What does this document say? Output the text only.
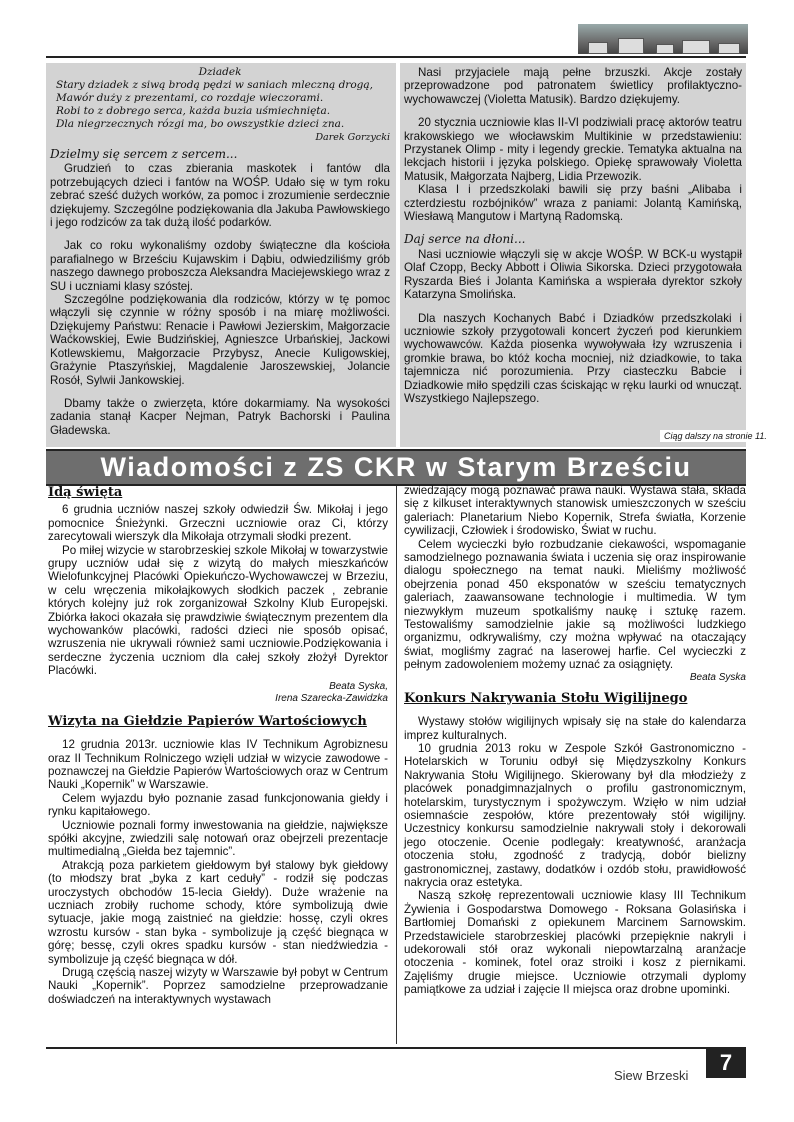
Dziadek
Stary dziadek z siwą brodą pędzi w saniach mleczną drogą,
Mawór duży z prezentami, co rozdaje wieczorami.
Robi to z dobrego serca, każda buzia uśmiechnięta.
Dla niegrzecznych rózgi ma, bo owszystkie dzieci zna.
Darek Gorzycki
Dzielmy się sercem z sercem...

Grudzień to czas zbierania maskotek i fantów dla potrzebujących dzieci i fantów na WOŚP. Udało się w tym roku zebrać sześć dużych worków, za pomoc i zrozumienie serdecznie dziękujemy. Szczególne podziękowania dla Jakuba Pawłowskiego i jego rodziców za tak dużą ilość podarków.

Jak co roku wykonaliśmy ozdoby świąteczne dla kościoła parafialnego w Brześciu Kujawskim i Dąbiu, odwiedziliśmy grób naszego dawnego proboszcza Aleksandra Maciejewskiego wraz z SU i uczniami klasy szóstej.

Szczególne podziękowania dla rodziców, którzy w tę pomoc włączyli się czynnie w różny sposób i na miarę możliwości. Dziękujemy Państwu: Renacie i Pawłowi Jezierskim, Małgorzacie Waćkowskiej, Ewie Budzińskiej, Agnieszce Urbańskiej, Jackowi Kotlewskiemu, Małgorzacie Przybysz, Anecie Kuligowskiej, Grażynie Ptaszyńskiej, Magdalenie Jaroszewskiej, Jolancie Rosół, Sylwii Jankowskiej.

Dbamy także o zwierzęta, które dokarmiamy. Na wysokości zadania stanął Kacper Nejman, Patryk Bachorski i Paulina Gładewska.

Nasi przyjaciele mają pełne brzuszki. Akcje zostały przeprowadzone pod patronatem świetlicy profilaktyczno-wychowawczej (Violetta Matusik). Bardzo dziękujemy.

20 stycznia uczniowie klas II-VI podziwiali pracę aktorów teatru krakowskiego we włocławskim Multikinie w przedstawieniu: Przystanek Olimp - mity i legendy greckie. Tematyka aktualna na lekcjach historii i języka polskiego. Opiekę sprawowały Violetta Matusik, Małgorzata Najberg, Lidia Przewozik.

Klasa I i przedszkolaki bawili się przy baśni „Alibaba i czterdziestu rozbójników” wraza z paniami: Jolantą Kamińską, Wiesławą Mangutow i Martyną Radomską.

Daj serce na dłoni...

Nasi uczniowie włączyli się w akcje WOŚP. W BCK-u wystąpił Olaf Czopp, Becky Abbott i Oliwia Sikorska. Dzieci przygotowała Ryszarda Bieś i Jolanta Kamińska a wspierała dyrektor szkoły Katarzyna Smolińska.

Dla naszych Kochanych Babć i Dziadków przedszkolaki i uczniowie szkoły przygotowali koncert życzeń pod kierunkiem wychowawców. Każda piosenka wywoływała łzy wzruszenia i gromkie brawa, bo któż kocha mocniej, niż dziadkowie, to taka tajemnicza nić porozumienia. Przy ciasteczku Babcie i Dziadkowie miło spędzili czas ściskając w ręku laurki od wnucząt. Wszystkiego Najlepszego.

Ciąg dalszy na stronie 11.
Wiadomości z ZS CKR w Starym Brześciu
Idą święta

6 grudnia uczniów naszej szkoły odwiedził Św. Mikołaj i jego pomocnice Śnieżynki. Grzeczni uczniowie oraz Ci, którzy zarecytowali wierszyk dla Mikołaja otrzymali słodki prezent.

Po miłej wizycie w starobrzeskiej szkole Mikołaj w towarzystwie grupy uczniów udał się z wizytą do małych mieszkańców Wielofunkcyjnej Placówki Opiekuńczo-Wychowawczej w Brzeziu, w celu wręczenia mikołajkowych słodkich paczek , zebranie których kolejny już rok zorganizował Szkolny Klub Europejski. Zbiórka łakoci okazała się prawdziwie świątecznym prezentem dla wychowanków placówki, radości dzieci nie sposób opisać, wzruszenia nie ukrywali również sami uczniowie.Podziękowania i serdeczne życzenia uczniom dla całej szkoły złożył Dyrektor Placówki.

Beata Syska,
Irena Szarecka-Zawidzka
Wizyta na Giełdzie Papierów Wartościowych

12 grudnia 2013r. uczniowie klas IV Technikum Agrobiznesu oraz II Technikum Rolniczego wzięli udział w wizycie zawodowe - poznawczej na Giełdzie Papierów Wartościowych oraz w Centrum Nauki „Kopernik” w Warszawie.

Celem wyjazdu było poznanie zasad funkcjonowania giełdy i rynku kapitałowego.

Uczniowie poznali formy inwestowania na giełdzie, największe spółki akcyjne, zwiedzili salę notowań oraz obejrzeli prezentacje multimedialną „Giełda bez tajemnic”.

Atrakcją poza parkietem giełdowym był stalowy byk giełdowy (to młodszy brat „byka z kart ceduły” - rodził się podczas uroczystych obchodów 15-lecia Giełdy). Duże wrażenie na uczniach zrobiły ruchome schody, które symbolizują dwie sytuacje, jakie mogą zaistnieć na giełdzie: hossę, czyli okres wzrostu kursów - stan byka - symbolizuje ją część biegnąca w górę; bessę, czyli okres spadku kursów - stan niedźwiedzia - symbolizuje ją część biegnąca w dół.

Drugą częścią naszej wizyty w Warszawie był pobyt w Centrum Nauki „Kopernik”. Poprzez samodzielne przeprowadzanie doświadczeń na interaktywnych wystawach

zwiedzający mogą poznawać prawa nauki. Wystawa stała, składa się z kilkuset interaktywnych stanowisk umieszczonych w sześciu galeriach: Planetarium Niebo Kopernik, Strefa światła, Korzenie cywilizacji, Człowiek i środowisko, Świat w ruchu.

Celem wycieczki było rozbudzanie ciekawości, wspomaganie samodzielnego poznawania świata i uczenia się oraz inspirowanie dialogu społecznego na temat nauki. Mieliśmy możliwość obejrzenia ponad 450 eksponatów w sześciu tematycznych galeriach, zaawansowane technologie i multimedia. W tym niezwykłym muzeum spotkaliśmy naukę i sztukę razem. Testowaliśmy samodzielnie jakie są możliwości ludzkiego organizmu, odkrywaliśmy, czy można wpływać na otaczający świat, mogliśmy zagrać na laserowej harfie. Cel wycieczki z pełnym zadowoleniem możemy uznać za osiągnięty.

Beata Syska
Konkurs Nakrywania Stołu Wigilijnego

Wystawy stołów wigilijnych wpisały się na stałe do kalendarza imprez kulturalnych.

10 grudnia 2013 roku w Zespole Szkół Gastronomiczno - Hotelarskich w Toruniu odbył się Międzyszkolny Konkurs Nakrywania Stołu Wigilijnego. Skierowany był dla młodzieży z placówek ponadgimnazjalnych o profilu gastronomicznym, hotelarskim, turystycznym i spożywczym. Wzięło w nim udział osiemnaście zespołów, które prezentowały stół wigilijny. Uczestnicy konkursu samodzielnie nakrywali stoły i dekorowali jego otoczenie. Ocenie podlegały: kreatywność, aranżacja otoczenia stołu, zgodność z tradycją, dobór bielizny gastronomicznej, zastawy, dodatków i ozdób stołu, prawidłowość nakrycia oraz estetyka.

Naszą szkołę reprezentowali uczniowie klasy III Technikum Żywienia i Gospodarstwa Domowego - Roksana Golasińska i Bartłomiej Domański z opiekunem Marcinem Sarnowskim. Przedstawiciele starobrzeskiej placówki przepięknie nakryli i udekorowali stół oraz wykonali niepowtarzalną aranżacje otoczenia - kominek, fotel oraz stroiki i kosz z piernikami. Zajęliśmy drugie miejsce. Uczniowie otrzymali dyplomy pamiątkowe za udział i zajęcie II miejsca oraz drobne upominki.

Siew Brzeski
7
